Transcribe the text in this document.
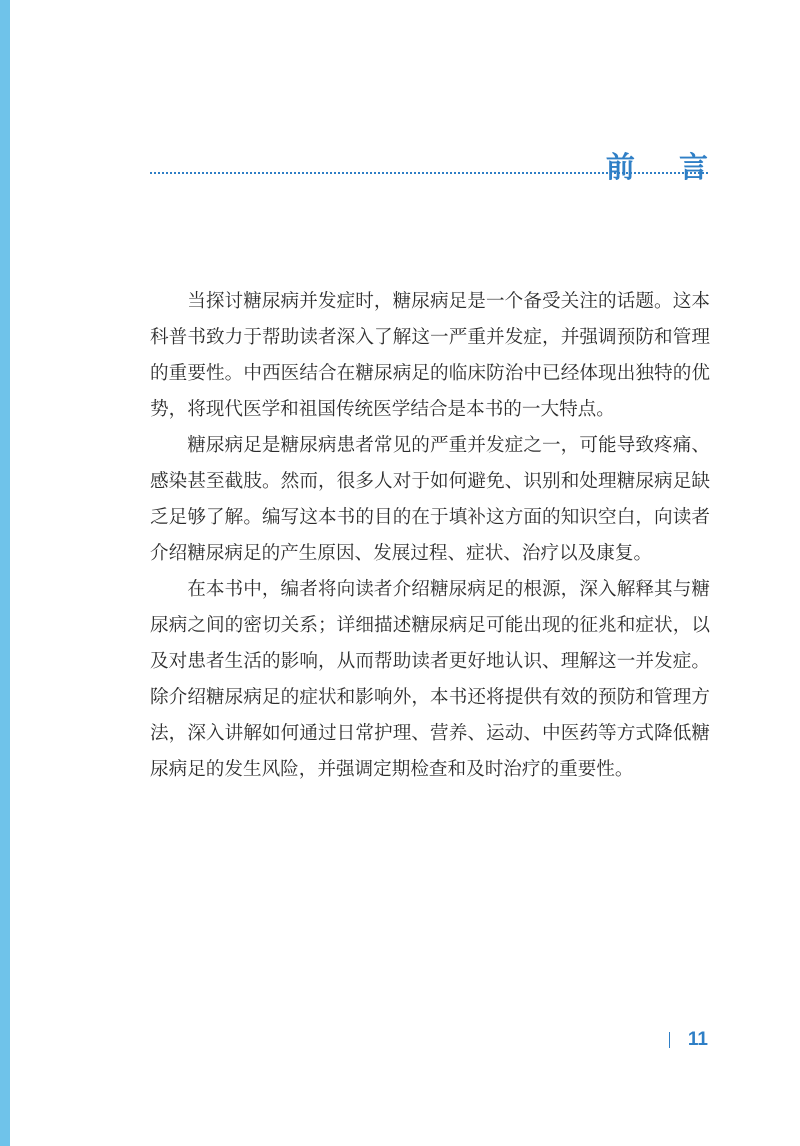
前 言

当探讨糖尿病并发症时，糖尿病足是一个备受关注的话题。这本科普书致力于帮助读者深入了解这一严重并发症，并强调预防和管理的重要性。中西医结合在糖尿病足的临床防治中已经体现出独特的优势，将现代医学和祖国传统医学结合是本书的一大特点。

糖尿病足是糖尿病患者常见的严重并发症之一，可能导致疼痛、感染甚至截肢。然而，很多人对于如何避免、识别和处理糖尿病足缺乏足够了解。编写这本书的目的在于填补这方面的知识空白，向读者介绍糖尿病足的产生原因、发展过程、症状、治疗以及康复。

在本书中，编者将向读者介绍糖尿病足的根源，深入解释其与糖尿病之间的密切关系；详细描述糖尿病足可能出现的征兆和症状，以及对患者生活的影响，从而帮助读者更好地认识、理解这一并发症。除介绍糖尿病足的症状和影响外，本书还将提供有效的预防和管理方法，深入讲解如何通过日常护理、营养、运动、中医药等方式降低糖尿病足的发生风险，并强调定期检查和及时治疗的重要性。

11
